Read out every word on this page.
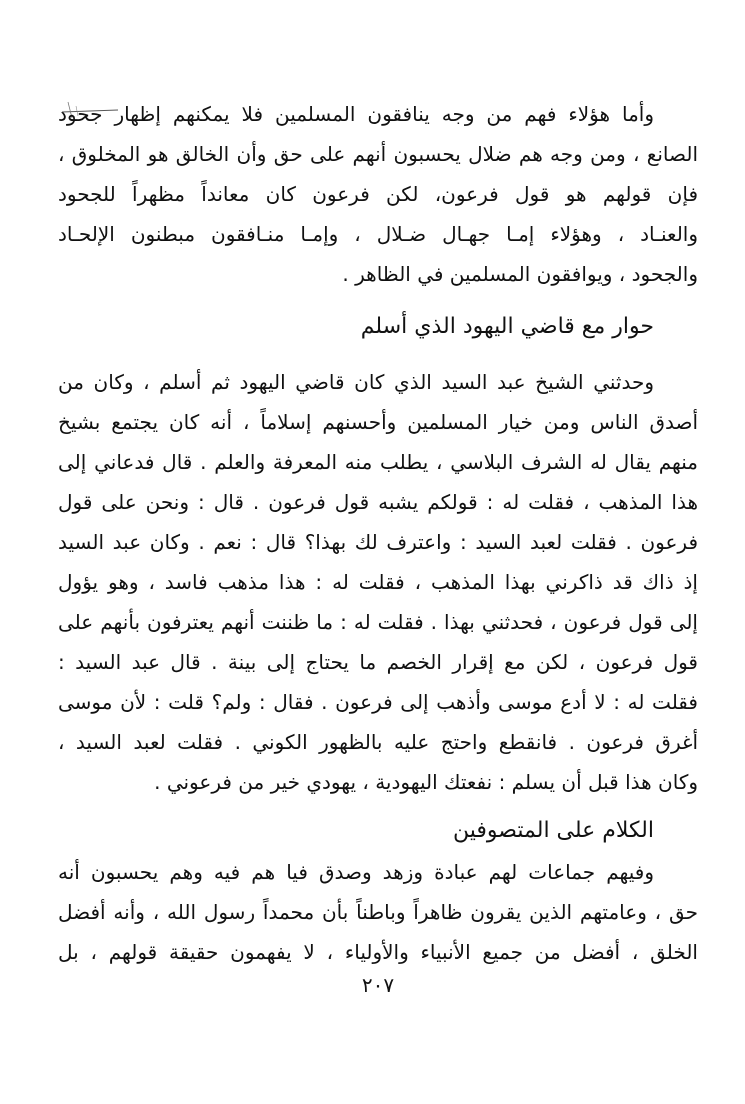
وأما هؤلاء فهم من وجه ينافقون المسلمين فلا يمكنهم إظهار جحود
الصانع ، ومن وجه هم ضلال يحسبون أنهم على حق وأن الخالق هو المخلوق ،
فإن قولهم هو قول فرعون، لكن فرعون كان معانداً مظهراً للجحود
والعنـاد ، وهؤلاء إمـا جهـال ضـلال ، وإمـا منـافقون مبطنون الإلحـاد
والجحود ، ويوافقون المسلمين في الظاهر .
حوار مع قاضي اليهود الذي أسلم
وحدثني الشيخ عبد السيد الذي كان قاضي اليهود ثم أسلم ، وكان من
أصدق الناس ومن خيار المسلمين وأحسنهم إسلاماً ، أنه كان يجتمع بشيخ
منهم يقال له الشرف البلاسي ، يطلب منه المعرفة والعلم . قال فدعاني إلى
هذا المذهب ، فقلت له : قولكم يشبه قول فرعون . قال : ونحن على قول
فرعون . فقلت لعبد السيد : واعترف لك بهذا؟ قال : نعم . وكان عبد السيد
إذ ذاك قد ذاكرني بهذا المذهب ، فقلت له : هذا مذهب فاسد ، وهو يؤول
إلى قول فرعون ، فحدثني بهذا . فقلت له : ما ظننت أنهم يعترفون بأنهم على
قول فرعون ، لكن مع إقرار الخصم ما يحتاج إلى بينة . قال عبد السيد :
فقلت له : لا أدع موسى وأذهب إلى فرعون . فقال : ولم؟ قلت : لأن موسى
أغرق فرعون . فانقطع واحتج عليه بالظهور الكوني . فقلت لعبد السيد ،
وكان هذا قبل أن يسلم : نفعتك اليهودية ، يهودي خير من فرعوني .
الكلام على المتصوفين
وفيهم جماعات لهم عبادة وزهد وصدق فيا هم فيه وهم يحسبون أنه
حق ، وعامتهم الذين يقرون ظاهراً وباطناً بأن محمداً رسول الله ، وأنه أفضل
الخلق ، أفضل من جميع الأنبياء والأولياء ، لا يفهمون حقيقة قولهم ، بل
٢٠٧
